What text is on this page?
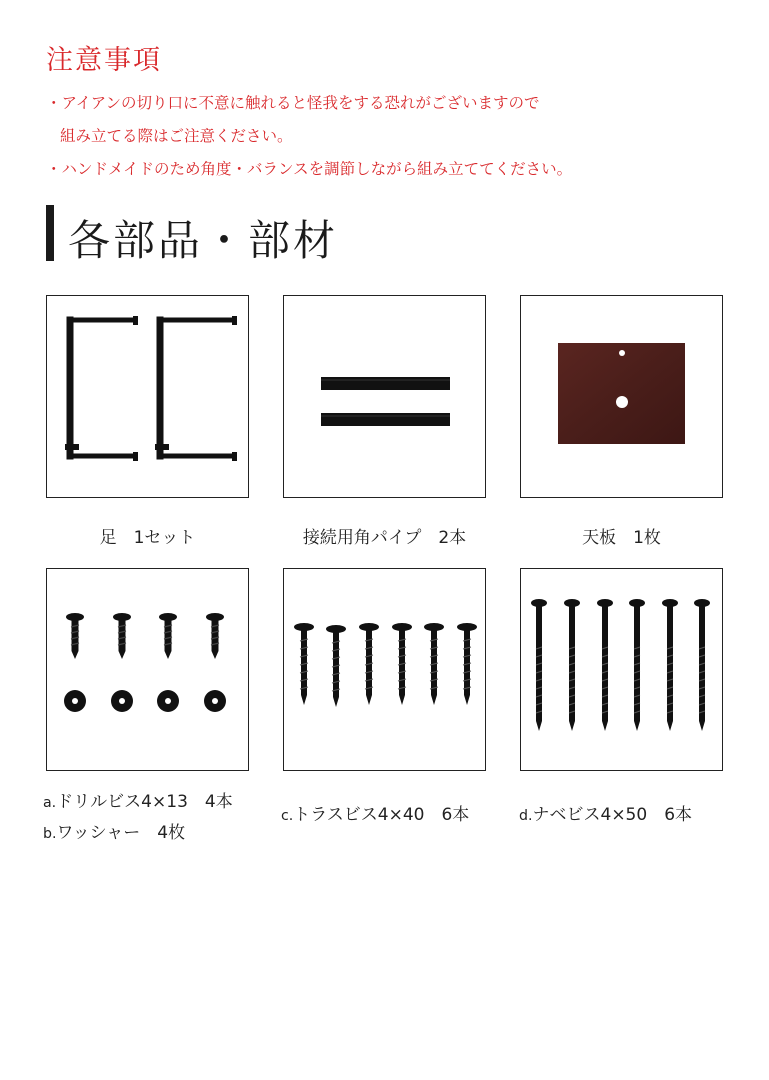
注意事項
・アイアンの切り口に不意に触れると怪我をする恐れがございますので
組み立てる際はご注意ください。
・ハンドメイドのため角度・バランスを調節しながら組み立ててください。
各部品・部材
足　1セット	接続用角パイプ　2本	天板　1枚
a.ドリルビス4×13　4本
b.ワッシャー　4枚
c.トラスビス4×40　6本	d.ナベビス4×50　6本
